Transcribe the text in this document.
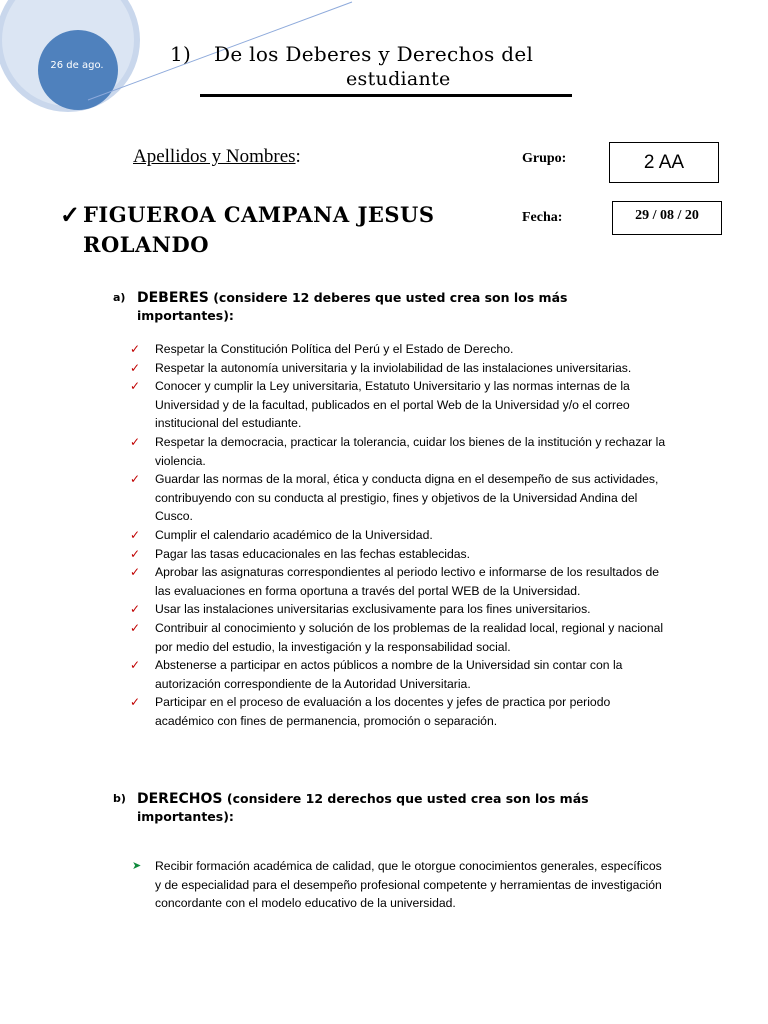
26 de ago.	1) De los Deberes y Derechos del
estudiante
Apellidos y Nombres:	Grupo:	2 AA
Fecha:	29 / 08 / 20
✓ FIGUEROA CAMPANA JESUS ROLANDO
a) DEBERES (considere 12 deberes que usted crea son los más importantes):
✓ Respetar la Constitución Política del Perú y el Estado de Derecho.
✓ Respetar la autonomía universitaria y la inviolabilidad de las instalaciones universitarias.
✓ Conocer y cumplir la Ley universitaria, Estatuto Universitario y las normas internas de la Universidad y de la facultad, publicados en el portal Web de la Universidad y/o el correo institucional del estudiante.
✓ Respetar la democracia, practicar la tolerancia, cuidar los bienes de la institución y rechazar la violencia.
✓ Guardar las normas de la moral, ética y conducta digna en el desempeño de sus actividades, contribuyendo con su conducta al prestigio, fines y objetivos de la Universidad Andina del Cusco.
✓ Cumplir el calendario académico de la Universidad.
✓ Pagar las tasas educacionales en las fechas establecidas.
✓ Aprobar las asignaturas correspondientes al periodo lectivo e informarse de los resultados de las evaluaciones en forma oportuna a través del portal WEB de la Universidad.
✓ Usar las instalaciones universitarias exclusivamente para los fines universitarios.
✓ Contribuir al conocimiento y solución de los problemas de la realidad local, regional y nacional por medio del estudio, la investigación y la responsabilidad social.
✓ Abstenerse a participar en actos públicos a nombre de la Universidad sin contar con la autorización correspondiente de la Autoridad Universitaria.
✓ Participar en el proceso de evaluación a los docentes y jefes de practica por periodo académico con fines de permanencia, promoción o separación.
b) DERECHOS (considere 12 derechos que usted crea son los más importantes):
➤ Recibir formación académica de calidad, que le otorgue conocimientos generales, específicos y de especialidad para el desempeño profesional competente y herramientas de investigación concordante con el modelo educativo de la universidad.
